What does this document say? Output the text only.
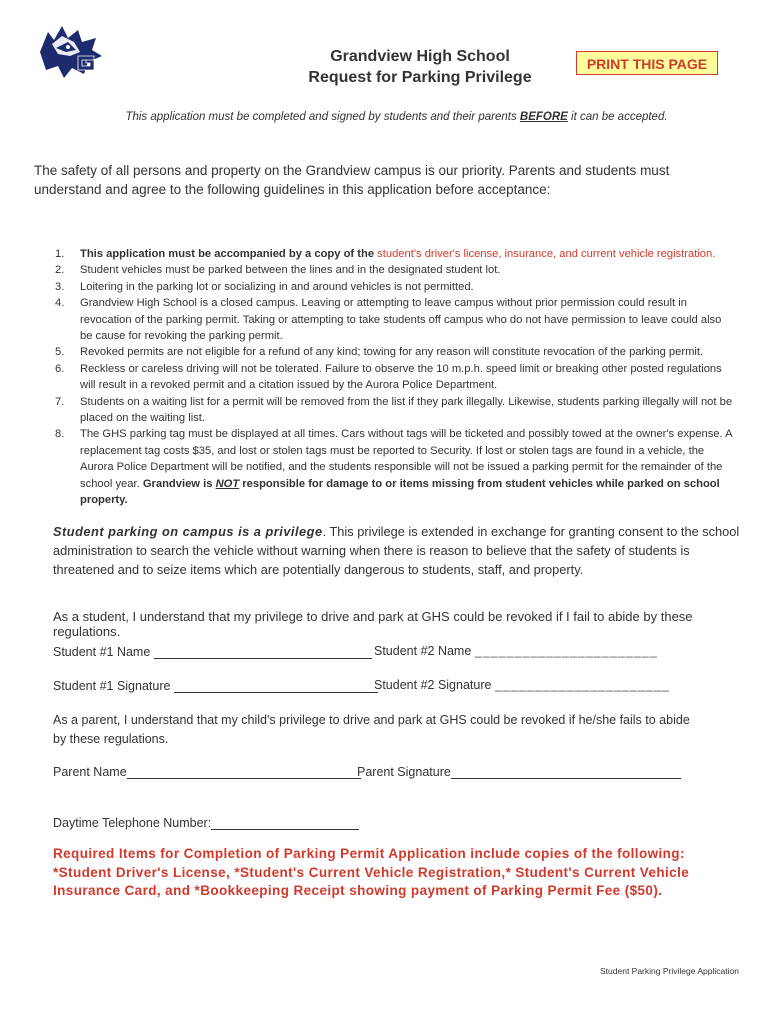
Grandview High School
Request for Parking Privilege
PRINT THIS PAGE
This application must be completed and signed by students and their parents BEFORE it can be accepted.
The safety of all persons and property on the Grandview campus is our priority. Parents and students must understand and agree to the following guidelines in this application before acceptance:
1.	This application must be accompanied by a copy of the student's driver's license, insurance, and current vehicle registration.
2.	Student vehicles must be parked between the lines and in the designated student lot.
3.	Loitering in the parking lot or socializing in and around vehicles is not permitted.
4.	Grandview High School is a closed campus. Leaving or attempting to leave campus without prior permission could result in revocation of the parking permit. Taking or attempting to take students off campus who do not have permission to leave could also be cause for revoking the parking permit.
5.	Revoked permits are not eligible for a refund of any kind; towing for any reason will constitute revocation of the parking permit.
6.	Reckless or careless driving will not be tolerated. Failure to observe the 10 m.p.h. speed limit or breaking other posted regulations will result in a revoked permit and a citation issued by the Aurora Police Department.
7.	Students on a waiting list for a permit will be removed from the list if they park illegally. Likewise, students parking illegally will not be placed on the waiting list.
8.	The GHS parking tag must be displayed at all times. Cars without tags will be ticketed and possibly towed at the owner's expense. A replacement tag costs $35, and lost or stolen tags must be reported to Security. If lost or stolen tags are found in a vehicle, the Aurora Police Department will be notified, and the students responsible will not be issued a parking permit for the remainder of the school year. Grandview is NOT responsible for damage to or items missing from student vehicles while parked on school property.
Student parking on campus is a privilege. This privilege is extended in exchange for granting consent to the school administration to search the vehicle without warning when there is reason to believe that the safety of students is threatened and to seize items which are potentially dangerous to students, staff, and property.
As a student, I understand that my privilege to drive and park at GHS could be revoked if I fail to abide by these regulations.
Student #1 Name	Student #2 Name _______________________
Student #1 Signature	Student #2 Signature ______________________
As a parent, I understand that my child's privilege to drive and park at GHS could be revoked if he/she fails to abide by these regulations.
Parent Name	Parent Signature
Daytime Telephone Number:
Required Items for Completion of Parking Permit Application include copies of the following: *Student Driver's License, *Student's Current Vehicle Registration,* Student's Current Vehicle Insurance Card, and *Bookkeeping Receipt showing payment of Parking Permit Fee ($50).
Student Parking Privilege Application
